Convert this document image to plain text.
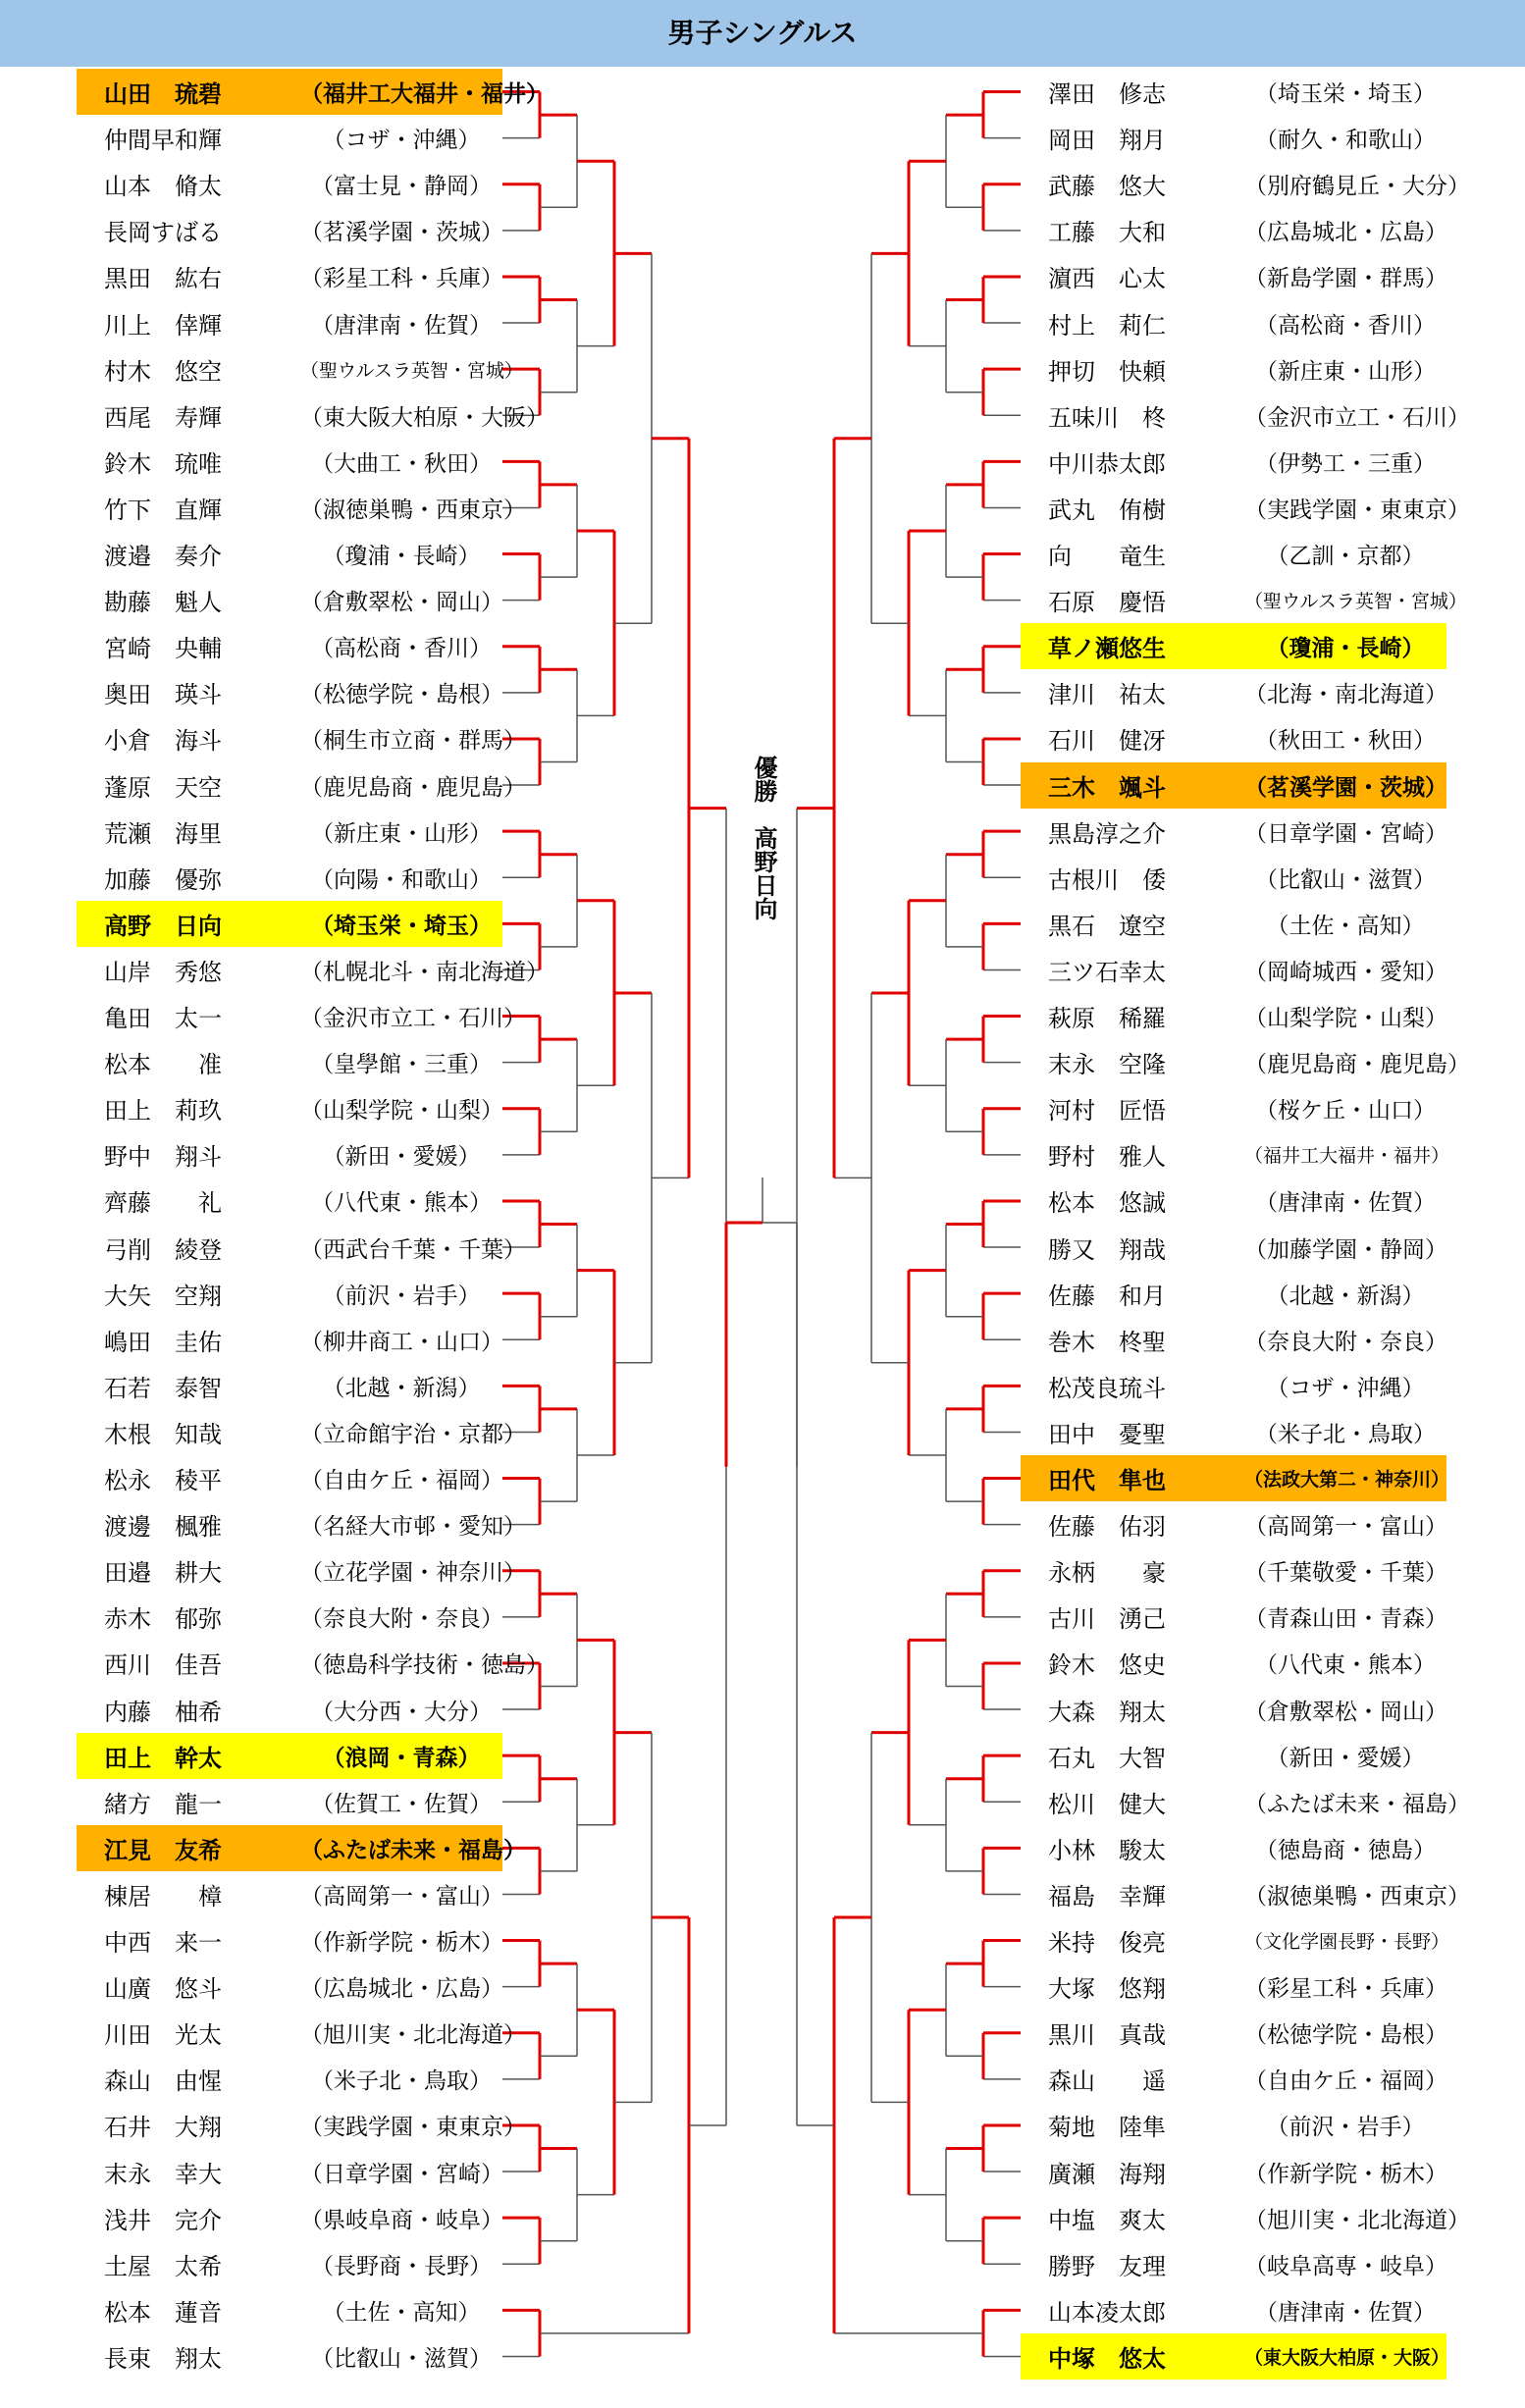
男子シングルス
山田　琉碧	（福井工大福井・福井）
仲間早和輝	（コザ・沖縄）
山本　脩太	（富士見・静岡）
長岡すばる	（茗溪学園・茨城）
黒田　紘右	（彩星工科・兵庫）
川上　倖輝	（唐津南・佐賀）
村木　悠空	（聖ウルスラ英智・宮城）
西尾　寿輝	（東大阪大柏原・大阪）
鈴木　琉唯	（大曲工・秋田）
竹下　直輝	（淑徳巣鴨・西東京）
渡邉　奏介	（瓊浦・長崎）
勘藤　魁人	（倉敷翠松・岡山）
宮崎　央輔	（高松商・香川）
奥田　瑛斗	（松徳学院・島根）
小倉　海斗	（桐生市立商・群馬）
蓬原　天空	（鹿児島商・鹿児島）
荒瀬　海里	（新庄東・山形）
加藤　優弥	（向陽・和歌山）
高野　日向	（埼玉栄・埼玉）
山岸　秀悠	（札幌北斗・南北海道）
亀田　太一	（金沢市立工・石川）
松本　　准	（皇學館・三重）
田上　莉玖	（山梨学院・山梨）
野中　翔斗	（新田・愛媛）
齊藤　　礼	（八代東・熊本）
弓削　綾登	（西武台千葉・千葉）
大矢　空翔	（前沢・岩手）
嶋田　圭佑	（柳井商工・山口）
石若　泰智	（北越・新潟）
木根　知哉	（立命館宇治・京都）
松永　稜平	（自由ケ丘・福岡）
渡邊　楓雅	（名経大市邨・愛知）
田邉　耕大	（立花学園・神奈川）
赤木　郁弥	（奈良大附・奈良）
西川　佳吾	（徳島科学技術・徳島）
内藤　柚希	（大分西・大分）
田上　幹太	（浪岡・青森）
緒方　龍一	（佐賀工・佐賀）
江見　友希	（ふたば未来・福島）
棟居　　樟	（高岡第一・富山）
中西　来一	（作新学院・栃木）
山廣　悠斗	（広島城北・広島）
川田　光太	（旭川実・北北海道）
森山　由惺	（米子北・鳥取）
石井　大翔	（実践学園・東東京）
末永　幸大	（日章学園・宮崎）
浅井　完介	（県岐阜商・岐阜）
土屋　太希	（長野商・長野）
松本　蓮音	（土佐・高知）
長束　翔太	（比叡山・滋賀）
澤田　修志	（埼玉栄・埼玉）
岡田　翔月	（耐久・和歌山）
武藤　悠大	（別府鶴見丘・大分）
工藤　大和	（広島城北・広島）
濵西　心太	（新島学園・群馬）
村上　莉仁	（高松商・香川）
押切　快頼	（新庄東・山形）
五味川　柊	（金沢市立工・石川）
中川恭太郎	（伊勢工・三重）
武丸　侑樹	（実践学園・東東京）
向　　竜生	（乙訓・京都）
石原　慶悟	（聖ウルスラ英智・宮城）
草ノ瀬悠生	（瓊浦・長崎）
津川　祐太	（北海・南北海道）
石川　健冴	（秋田工・秋田）
三木　颯斗	（茗溪学園・茨城）
黒島淳之介	（日章学園・宮崎）
古根川　倭	（比叡山・滋賀）
黒石　遼空	（土佐・高知）
三ツ石幸太	（岡崎城西・愛知）
萩原　稀羅	（山梨学院・山梨）
末永　空隆	（鹿児島商・鹿児島）
河村　匠悟	（桜ケ丘・山口）
野村　雅人	（福井工大福井・福井）
松本　悠誠	（唐津南・佐賀）
勝又　翔哉	（加藤学園・静岡）
佐藤　和月	（北越・新潟）
巻木　柊聖	（奈良大附・奈良）
松茂良琉斗	（コザ・沖縄）
田中　憂聖	（米子北・鳥取）
田代　隼也	（法政大第二・神奈川）
佐藤　佑羽	（高岡第一・富山）
永柄　　豪	（千葉敬愛・千葉）
古川　湧己	（青森山田・青森）
鈴木　悠史	（八代東・熊本）
大森　翔太	（倉敷翠松・岡山）
石丸　大智	（新田・愛媛）
松川　健大	（ふたば未来・福島）
小林　駿太	（徳島商・徳島）
福島　幸輝	（淑徳巣鴨・西東京）
米持　俊亮	（文化学園長野・長野）
大塚　悠翔	（彩星工科・兵庫）
黒川　真哉	（松徳学院・島根）
森山　　遥	（自由ケ丘・福岡）
菊地　陸隼	（前沢・岩手）
廣瀬　海翔	（作新学院・栃木）
中塩　爽太	（旭川実・北北海道）
勝野　友理	（岐阜高専・岐阜）
山本凌太郎	（唐津南・佐賀）
中塚　悠太	（東大阪大柏原・大阪）
優勝
高野日向
